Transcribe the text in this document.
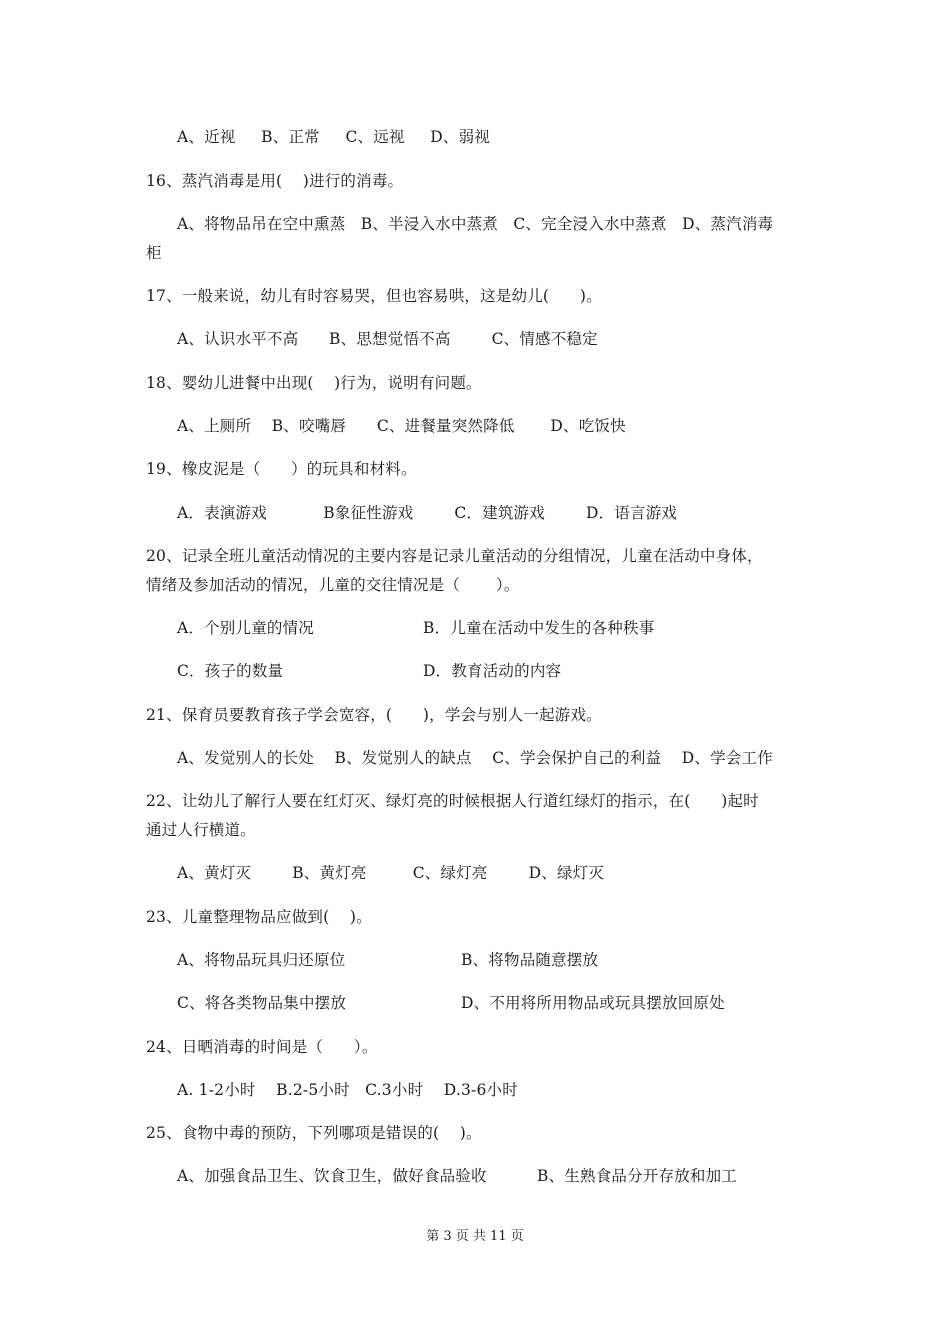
A、近视     B、正常     C、远视     D、弱视
16、蒸汽消毒是用(    )进行的消毒。
A、将物品吊在空中熏蒸   B、半浸入水中蒸煮   C、完全浸入水中蒸煮   D、蒸汽消毒
柜
17、一般来说，幼儿有时容易哭，但也容易哄，这是幼儿(      )。
A、认识水平不高      B、思想觉悟不高        C、情感不稳定
18、婴幼儿进餐中出现(    )行为，说明有问题。
A、上厕所    B、咬嘴唇      C、进餐量突然降低       D、吃饭快
19、橡皮泥是（      ）的玩具和材料。
A．表演游戏           B象征性游戏        C．建筑游戏        D．语言游戏
20、记录全班儿童活动情况的主要内容是记录儿童活动的分组情况，儿童在活动中身体，
情绪及参加活动的情况，儿童的交往情况是（       ）。
A．个别儿童的情况	B．儿童在活动中发生的各种秩事
C．孩子的数量	D．教育活动的内容
21、保育员要教育孩子学会宽容，(      )，学会与别人一起游戏。
A、发觉别人的长处    B、发觉别人的缺点    C、学会保护自己的利益    D、学会工作
22、让幼儿了解行人要在红灯灭、绿灯亮的时候根据人行道红绿灯的指示，在(      )起时
通过人行横道。
A、黄灯灭        B、黄灯亮         C、绿灯亮        D、绿灯灭
23、儿童整理物品应做到(    )。
A、将物品玩具归还原位	B、将物品随意摆放
C、将各类物品集中摆放	D、不用将所用物品或玩具摆放回原处
24、日晒消毒的时间是（      ）。
A. 1-2小时    B.2-5小时   C.3小时    D.3-6小时
25、食物中毒的预防，下列哪项是错误的(    )。
A、加强食品卫生、饮食卫生，做好食品验收	B、生熟食品分开存放和加工
第 3 页 共 11 页
